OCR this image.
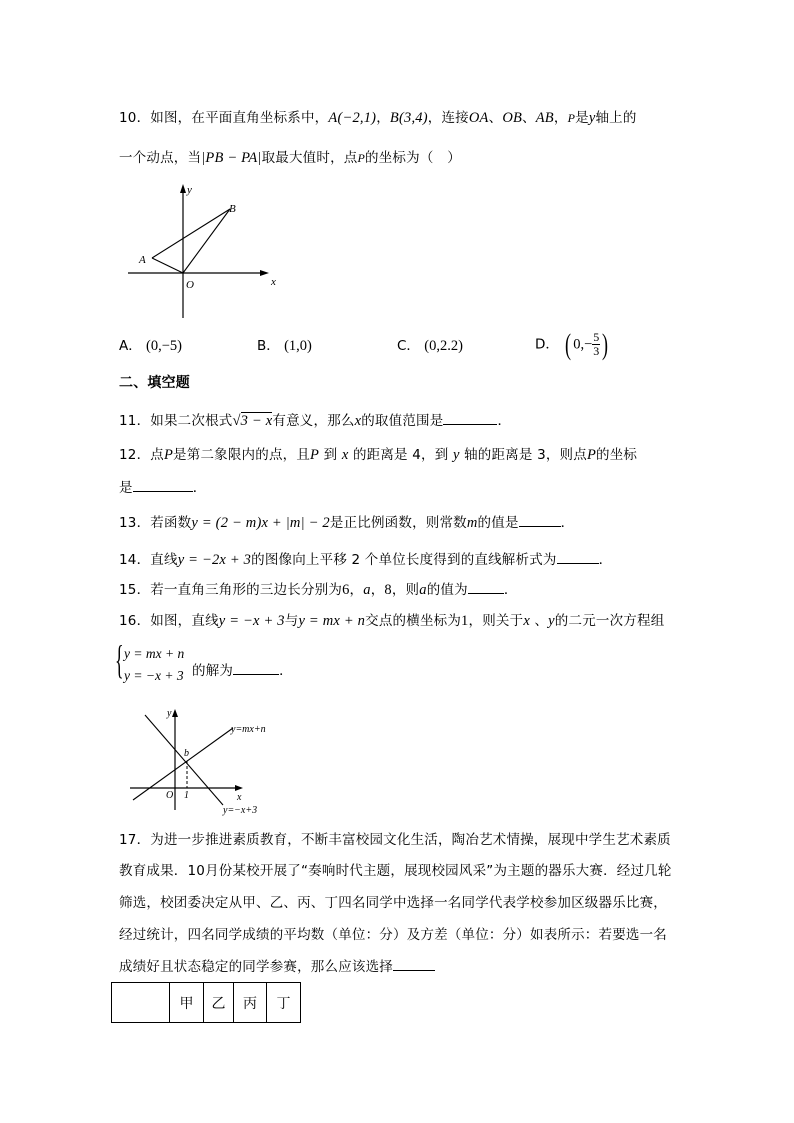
10．如图，在平面直角坐标系中，A(−2,1)，B(3,4)，连接OA、OB、AB，P是y轴上的
一个动点，当|PB − PA|取最大值时，点P的坐标为（　）
y
x
O
A
B
A． (0,−5)	B． (1,0)	C． (0,2.2)	D． ( $0,- \frac{5}{3}$ )
二、填空题
11．如果二次根式√3 − x有意义，那么x的取值范围是	．
12．点P是第二象限内的点，且P 到 x 的距离是 4，到 y 轴的距离是 3，则点P的坐标
是	．
13．若函数y = (2 − m)x + |m| − 2是正比例函数，则常数m的值是	．
14．直线y = −2x + 3的图像向上平移 2 个单位长度得到的直线解析式为	．
15．若一直角三角形的三边长分别为6，a，8，则a的值为	．
16．如图，直线y = −x + 3与y = mx + n交点的横坐标为1，则关于x 、y的二元一次方程组
{ y = mx + n
y = −x + 3 的解为	．
y
x
O 1
b
y=mx+n
y=−x+3
17．为进一步推进素质教育，不断丰富校园文化生活，陶冶艺术情操，展现中学生艺术素质
教育成果．10月份某校开展了“奏响时代主题，展现校园风采”为主题的器乐大赛．经过几轮
筛选，校团委决定从甲、乙、丙、丁四名同学中选择一名同学代表学校参加区级器乐比赛，
经过统计，四名同学成绩的平均数（单位：分）及方差（单位：分）如表所示：若要选一名
成绩好且状态稳定的同学参赛，那么应该选择
	甲	乙	丙	丁
